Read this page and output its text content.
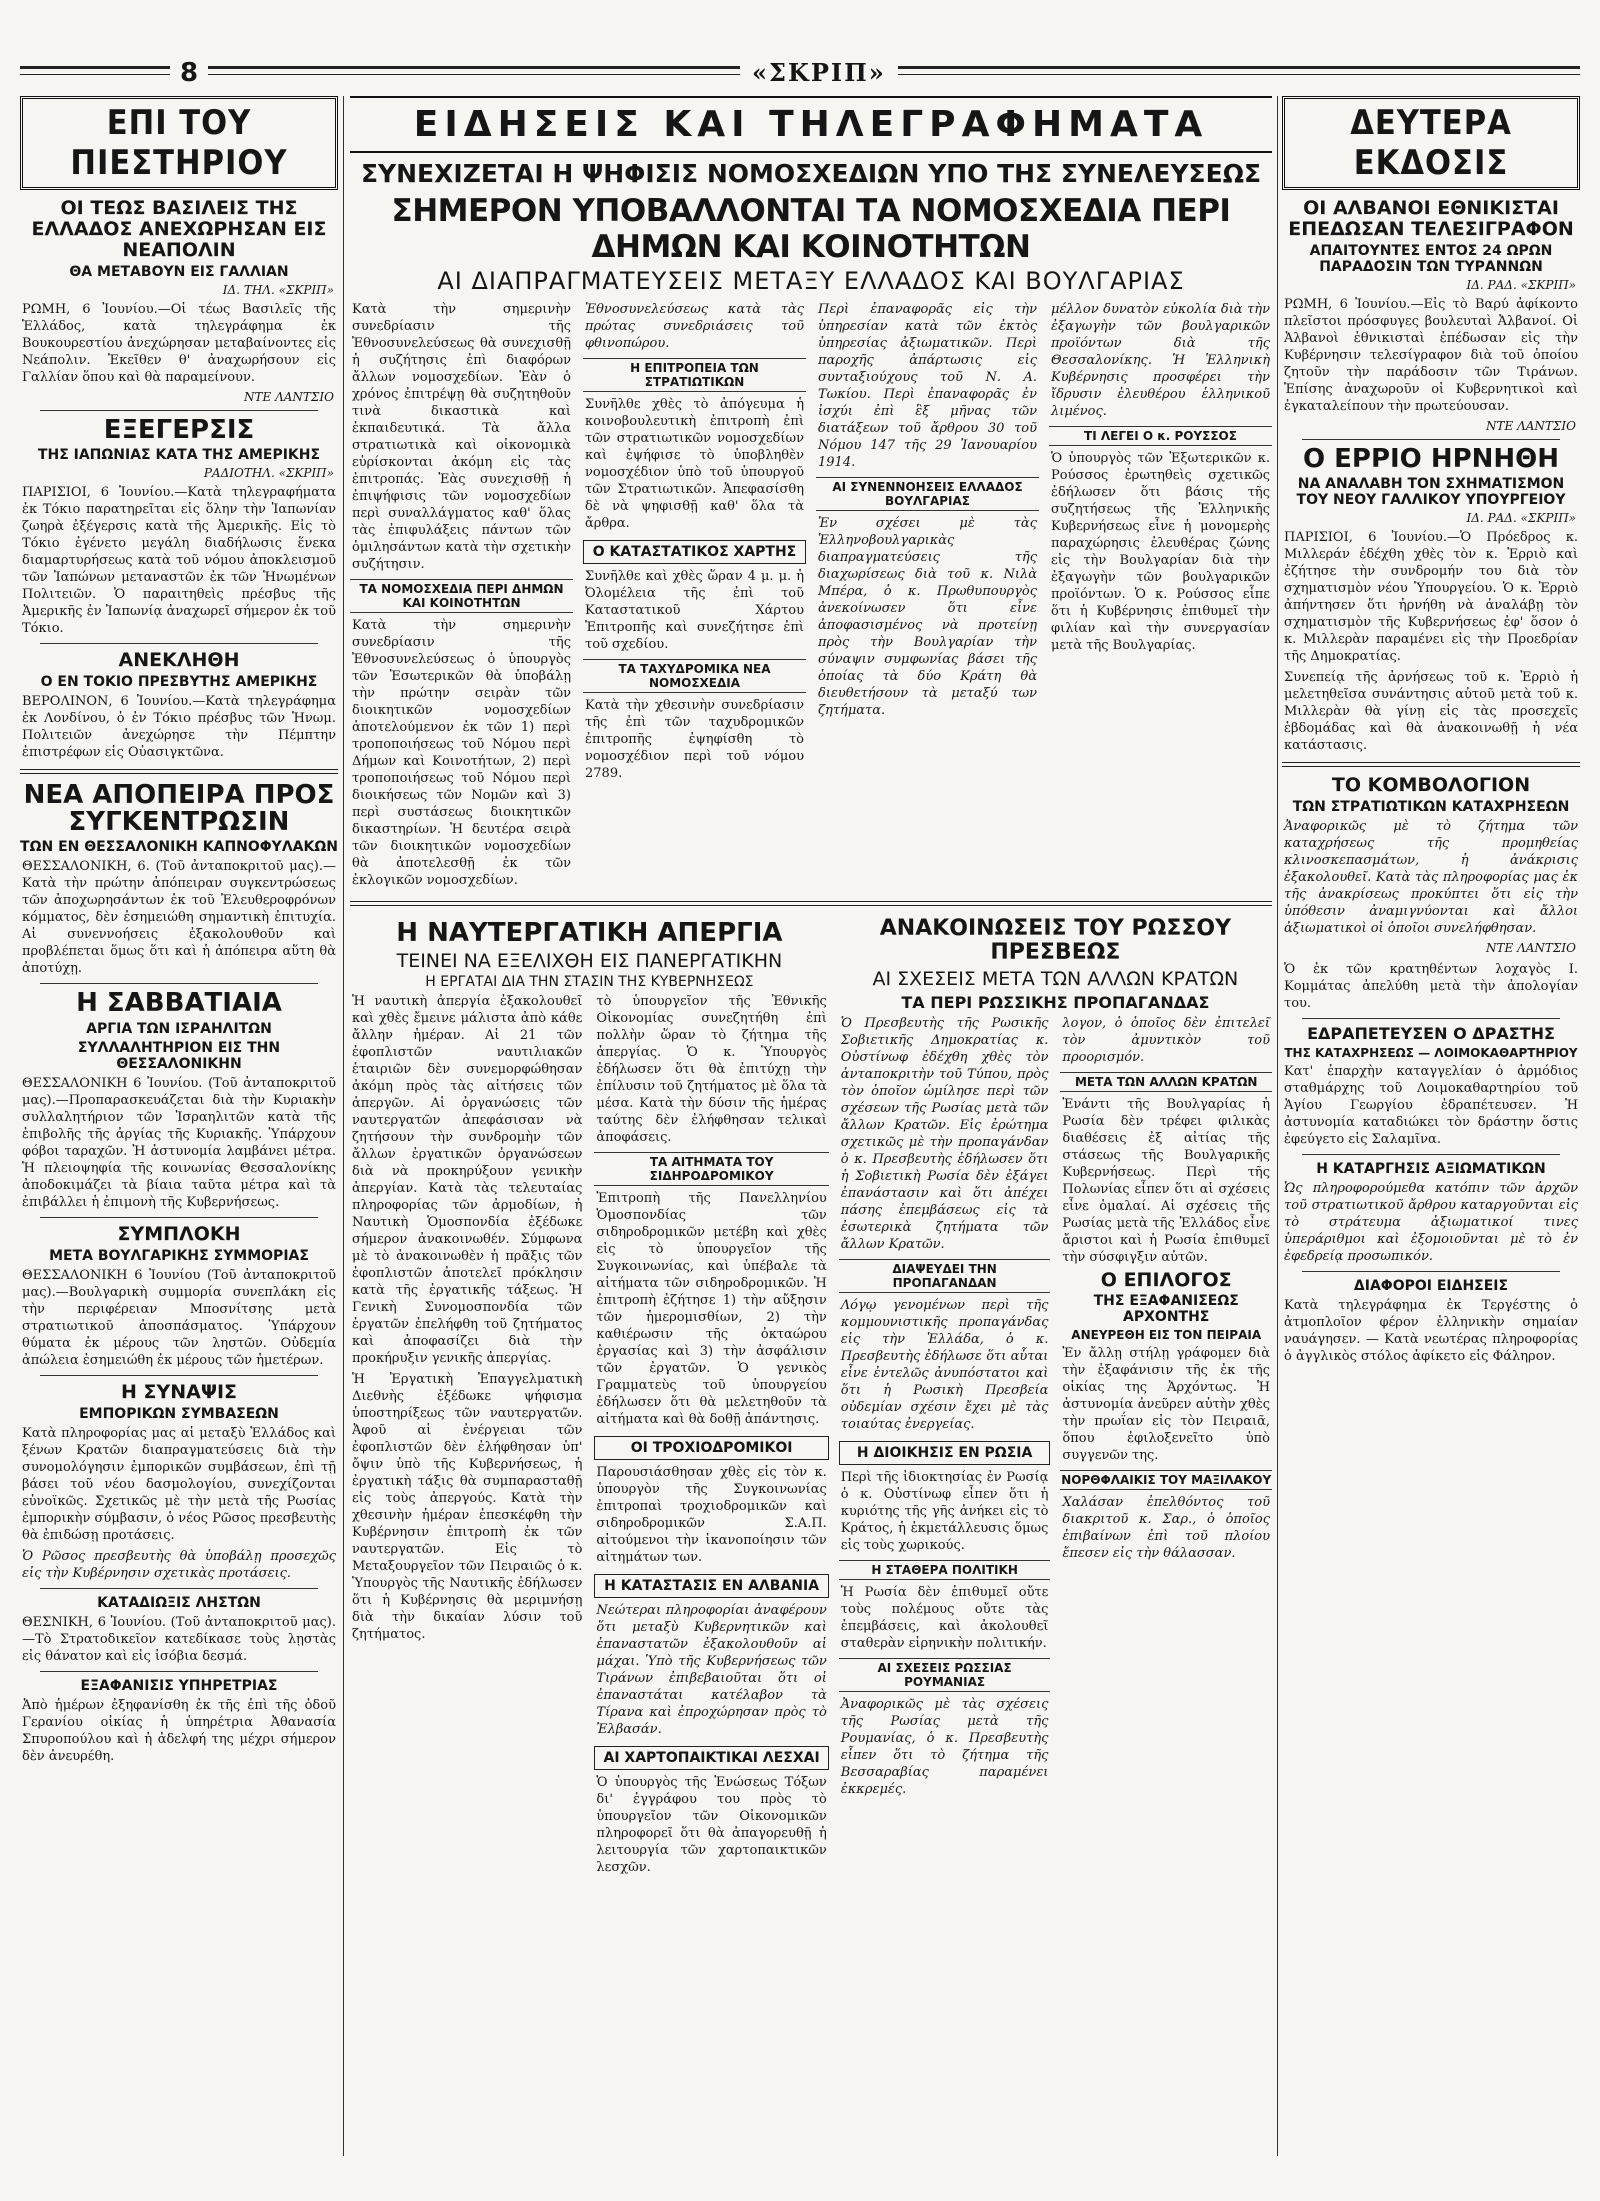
8	«ΣΚΡΙΠ»
ΕΠΙ ΤΟΥ ΠΙΕΣΤΗΡΙΟΥ
ΟΙ ΤΕΩΣ ΒΑΣΙΛΕΙΣ ΤΗΣ ΕΛΛΑΔΟΣ ΑΝΕΧΩΡΗΣΑΝ ΕΙΣ ΝΕΑΠΟΛΙΝ
ΘΑ ΜΕΤΑΒΟΥΝ ΕΙΣ ΓΑΛΛΙΑΝ
ΙΔ. ΤΗΛ. «ΣΚΡΙΠ»
ΡΩΜΗ, 6 Ἰουνίου.—Οἱ τέως Βασιλεῖς τῆς Ἑλλάδος, κατὰ τηλεγράφημα ἐκ Βουκουρεστίου ἀνεχώρησαν μεταβαίνοντες εἰς Νεάπολιν. Ἐκεῖθεν θ' ἀναχωρήσουν εἰς Γαλλίαν ὅπου καὶ θὰ παραμείνουν.
ΝΤΕ ΛΑΝΤΣΙΟ
ΕΞΕΓΕΡΣΙΣ
ΤΗΣ ΙΑΠΩΝΙΑΣ ΚΑΤΑ ΤΗΣ ΑΜΕΡΙΚΗΣ
ΡΑΔΙΟΤΗΛ. «ΣΚΡΙΠ»
ΠΑΡΙΣΙΟΙ, 6 Ἰουνίου.—Κατὰ τηλεγραφήματα ἐκ Τόκιο παρατηρεῖται εἰς ὅλην τὴν Ἰαπωνίαν ζωηρὰ ἐξέγερσις κατὰ τῆς Ἀμερικῆς. Εἰς τὸ Τόκιο ἐγένετο μεγάλη διαδήλωσις ἕνεκα διαμαρτυρήσεως κατὰ τοῦ νόμου ἀποκλεισμοῦ τῶν Ἰαπώνων μεταναστῶν ἐκ τῶν Ἡνωμένων Πολιτειῶν. Ὁ παραιτηθεὶς πρέσβυς τῆς Ἀμερικῆς ἐν Ἰαπωνίᾳ ἀναχωρεῖ σήμερον ἐκ τοῦ Τόκιο.
ΑΝΕΚΛΗΘΗ
Ο ΕΝ ΤΟΚΙΟ ΠΡΕΣΒΥΤΗΣ ΑΜΕΡΙΚΗΣ
ΒΕΡΟΛΙΝΟΝ, 6 Ἰουνίου.—Κατὰ τηλεγράφημα ἐκ Λονδίνου, ὁ ἐν Τόκιο πρέσβυς τῶν Ἡνωμ. Πολιτειῶν ἀνεχώρησε τὴν Πέμπτην ἐπιστρέφων εἰς Οὐασιγκτῶνα.
ΝΕΑ ΑΠΟΠΕΙΡΑ ΠΡΟΣ ΣΥΓΚΕΝΤΡΩΣΙΝ
ΤΩΝ ΕΝ ΘΕΣΣΑΛΟΝΙΚΗ ΚΑΠΝΟΦΥΛΑΚΩΝ
ΘΕΣΣΑΛΟΝΙΚΗ, 6. (Τοῦ ἀνταποκριτοῦ μας).—Κατὰ τὴν πρώτην ἀπόπειραν συγκεντρώσεως τῶν ἀποχωρησάντων ἐκ τοῦ Ἐλευθεροφρόνων κόμματος, δὲν ἐσημειώθη σημαντικὴ ἐπιτυχία. Αἱ συνεννοήσεις ἐξακολουθοῦν καὶ προβλέπεται ὅμως ὅτι καὶ ἡ ἀπόπειρα αὕτη θὰ ἀποτύχῃ.
Η ΣΑΒΒΑΤΙΑΙΑ
ΑΡΓΙΑ ΤΩΝ ΙΣΡΑΗΛΙΤΩΝ
ΣΥΛΛΑΛΗΤΗΡΙΟΝ ΕΙΣ ΤΗΝ ΘΕΣΣΑΛΟΝΙΚΗΝ
ΘΕΣΣΑΛΟΝΙΚΗ 6 Ἰουνίου. (Τοῦ ἀνταποκριτοῦ μας).—Προπαρασκευάζεται διὰ τὴν Κυριακὴν συλλαλητήριον τῶν Ἰσραηλιτῶν κατὰ τῆς ἐπιβολῆς τῆς ἀργίας τῆς Κυριακῆς. Ὑπάρχουν φόβοι ταραχῶν. Ἡ ἀστυνομία λαμβάνει μέτρα. Ἡ πλειοψηφία τῆς κοινωνίας Θεσσαλονίκης ἀποδοκιμάζει τὰ βίαια ταῦτα μέτρα καὶ τὰ ἐπιβάλλει ἡ ἐπιμονὴ τῆς Κυβερνήσεως.
ΣΥΜΠΛΟΚΗ
ΜΕΤΑ ΒΟΥΛΓΑΡΙΚΗΣ ΣΥΜΜΟΡΙΑΣ
ΘΕΣΣΑΛΟΝΙΚΗ 6 Ἰουνίου (Τοῦ ἀνταποκριτοῦ μας).—Βουλγαρικὴ συμμορία συνεπλάκη εἰς τὴν περιφέρειαν Μποσνίτσης μετὰ στρατιωτικοῦ ἀποσπάσματος. Ὑπάρχουν θύματα ἐκ μέρους τῶν ληστῶν. Οὐδεμία ἀπώλεια ἐσημειώθη ἐκ μέρους τῶν ἡμετέρων.
Η ΣΥΝΑΨΙΣ
ΕΜΠΟΡΙΚΩΝ ΣΥΜΒΑΣΕΩΝ
Κατὰ πληροφορίας μας αἱ μεταξὺ Ἑλλάδος καὶ ξένων Κρατῶν διαπραγματεύσεις διὰ τὴν συνομολόγησιν ἐμπορικῶν συμβάσεων, ἐπὶ τῇ βάσει τοῦ νέου δασμολογίου, συνεχίζονται εὐνοϊκῶς. Σχετικῶς μὲ τὴν μετὰ τῆς Ρωσίας ἐμπορικὴν σύμβασιν, ὁ νέος Ρῶσος πρεσβευτὴς θὰ ἐπιδώσῃ προτάσεις.
Ὁ Ρῶσος πρεσβευτὴς θὰ ὑποβάλῃ προσεχῶς εἰς τὴν Κυβέρνησιν σχετικὰς προτάσεις.
ΚΑΤΑΔΙΩΞΙΣ ΛΗΣΤΩΝ
ΘΕΣΝΙΚΗ, 6 Ἰουνίου. (Τοῦ ἀνταποκριτοῦ μας).—Τὸ Στρατοδικεῖον κατεδίκασε τοὺς λῃστὰς εἰς θάνατον καὶ εἰς ἰσόβια δεσμά.
ΕΞΑΦΑΝΙΣΙΣ ΥΠΗΡΕΤΡΙΑΣ
Ἀπὸ ἡμέρων ἐξηφανίσθη ἐκ τῆς ἐπὶ τῆς ὁδοῦ Γερανίου οἰκίας ἡ ὑπηρέτρια Ἀθανασία Σπυροπούλου καὶ ἡ ἀδελφή της μέχρι σήμερον δὲν ἀνευρέθη.
ΕΙΔΗΣΕΙΣ ΚΑΙ ΤΗΛΕΓΡΑΦΗΜΑΤΑ
ΣΥΝΕΧΙΖΕΤΑΙ Η ΨΗΦΙΣΙΣ ΝΟΜΟΣΧΕΔΙΩΝ ΥΠΟ ΤΗΣ ΣΥΝΕΛΕΥΣΕΩΣ
ΣΗΜΕΡΟΝ ΥΠΟΒΑΛΛΟΝΤΑΙ ΤΑ ΝΟΜΟΣΧΕΔΙΑ ΠΕΡΙ ΔΗΜΩΝ ΚΑΙ ΚΟΙΝΟΤΗΤΩΝ
ΑΙ ΔΙΑΠΡΑΓΜΑΤΕΥΣΕΙΣ ΜΕΤΑΞΥ ΕΛΛΑΔΟΣ ΚΑΙ ΒΟΥΛΓΑΡΙΑΣ
Κατὰ τὴν σημερινὴν συνεδρίασιν τῆς Ἐθνοσυνελεύσεως θὰ συνεχισθῇ ἡ συζήτησις ἐπὶ διαφόρων ἄλλων νομοσχεδίων. Ἐὰν ὁ χρόνος ἐπιτρέψῃ θὰ συζητηθοῦν τινὰ δικαστικὰ καὶ ἐκπαιδευτικά. Τὰ ἄλλα στρατιωτικὰ καὶ οἰκονομικὰ εὑρίσκονται ἀκόμη εἰς τὰς ἐπιτροπάς. Ἐὰς συνεχισθῇ ἡ ἐπιψήφισις τῶν νομοσχεδίων περὶ συναλλάγματος καθ' ὅλας τὰς ἐπιφυλάξεις πάντων τῶν ὁμιλησάντων κατὰ τὴν σχετικὴν συζήτησιν.
ΤΑ ΝΟΜΟΣΧΕΔΙΑ ΠΕΡΙ ΔΗΜΩΝ ΚΑΙ ΚΟΙΝΟΤΗΤΩΝ
Κατὰ τὴν σημερινὴν συνεδρίασιν τῆς Ἐθνοσυνελεύσεως ὁ ὑπουργὸς τῶν Ἐσωτερικῶν θὰ ὑποβάλῃ τὴν πρώτην σειρὰν τῶν διοικητικῶν νομοσχεδίων ἀποτελούμενον ἐκ τῶν 1) περὶ τροποποιήσεως τοῦ Νόμου περὶ Δήμων καὶ Κοινοτήτων, 2) περὶ τροποποιήσεως τοῦ Νόμου περὶ διοικήσεως τῶν Νομῶν καὶ 3) περὶ συστάσεως διοικητικῶν δικαστηρίων. Ἡ δευτέρα σειρὰ τῶν διοικητικῶν νομοσχεδίων θὰ ἀποτελεσθῇ ἐκ τῶν ἐκλογικῶν νομοσχεδίων.
Ἐθνοσυνελεύσεως κατὰ τὰς πρώτας συνεδριάσεις τοῦ φθινοπώρου.
Η ΕΠΙΤΡΟΠΕΙΑ ΤΩΝ ΣΤΡΑΤΙΩΤΙΚΩΝ
Συνῆλθε χθὲς τὸ ἀπόγευμα ἡ κοινοβουλευτικὴ ἐπιτροπὴ ἐπὶ τῶν στρατιωτικῶν νομοσχεδίων καὶ ἐψήφισε τὸ ὑποβληθὲν νομοσχέδιον ὑπὸ τοῦ ὑπουργοῦ τῶν Στρατιωτικῶν. Ἀπεφασίσθη δὲ νὰ ψηφισθῇ καθ' ὅλα τὰ ἄρθρα.
Ο ΚΑΤΑΣΤΑΤΙΚΟΣ ΧΑΡΤΗΣ
Συνῆλθε καὶ χθὲς ὥραν 4 μ. μ. ἡ Ὀλομέλεια τῆς ἐπὶ τοῦ Καταστατικοῦ Χάρτου Ἐπιτροπῆς καὶ συνεζήτησε ἐπὶ τοῦ σχεδίου.
ΤΑ ΤΑΧΥΔΡΟΜΙΚΑ ΝΕΑ ΝΟΜΟΣΧΕΔΙΑ
Κατὰ τὴν χθεσινὴν συνεδρίασιν τῆς ἐπὶ τῶν ταχυδρομικῶν ἐπιτροπῆς ἐψηφίσθη τὸ νομοσχέδιον περὶ τοῦ νόμου 2789.
Περὶ ἐπαναφορᾶς εἰς τὴν ὑπηρεσίαν κατὰ τῶν ἐκτὸς ὑπηρεσίας ἀξιωματικῶν. Περὶ παροχῆς ἀπάρτωσις εἰς συνταξιούχους τοῦ Ν. Α. Τωκίου. Περὶ ἐπαναφορᾶς ἐν ἰσχύι ἐπὶ ἓξ μῆνας τῶν διατάξεων τοῦ ἄρθρου 30 τοῦ Νόμου 147 τῆς 29 Ἰανουαρίου 1914.
ΑΙ ΣΥΝΕΝΝΟΗΣΕΙΣ ΕΛΛΑΔΟΣ ΒΟΥΛΓΑΡΙΑΣ
Ἐν σχέσει μὲ τὰς Ἑλληνοβουλγαρικὰς διαπραγματεύσεις τῆς διαχωρίσεως διὰ τοῦ κ. Νιλὰ Μπέρα, ὁ κ. Πρωθυπουργὸς ἀνεκοίνωσεν ὅτι εἶνε ἀποφασισμένος νὰ προτείνῃ πρὸς τὴν Βουλγαρίαν τὴν σύναψιν συμφωνίας βάσει τῆς ὁποίας τὰ δύο Κράτη θὰ διευθετήσουν τὰ μεταξύ των ζητήματα.
μέλλον δυνατὸν εὐκολία διὰ τὴν ἐξαγωγὴν τῶν βουλγαρικῶν προϊόντων διὰ τῆς Θεσσαλονίκης. Ἡ Ἑλληνικὴ Κυβέρνησις προσφέρει τὴν ἴδρυσιν ἐλευθέρου ἑλληνικοῦ λιμένος.
ΤΙ ΛΕΓΕΙ Ο κ. ΡΟΥΣΣΟΣ
Ὁ ὑπουργὸς τῶν Ἐξωτερικῶν κ. Ρούσσος ἐρωτηθεὶς σχετικῶς ἐδήλωσεν ὅτι βάσις τῆς συζητήσεως τῆς Ἑλληνικῆς Κυβερνήσεως εἶνε ἡ μονομερὴς παραχώρησις ἐλευθέρας ζώνης εἰς τὴν Βουλγαρίαν διὰ τὴν ἐξαγωγὴν τῶν βουλγαρικῶν προϊόντων. Ὁ κ. Ρούσσος εἶπε ὅτι ἡ Κυβέρνησις ἐπιθυμεῖ τὴν φιλίαν καὶ τὴν συνεργασίαν μετὰ τῆς Βουλγαρίας.
Η ΝΑΥΤΕΡΓΑΤΙΚΗ ΑΠΕΡΓΙΑ
ΤΕΙΝΕΙ ΝΑ ΕΞΕΛΙΧΘΗ ΕΙΣ ΠΑΝΕΡΓΑΤΙΚΗΝ
Η ΕΡΓΑΤΑΙ ΔΙΑ ΤΗΝ ΣΤΑΣΙΝ ΤΗΣ ΚΥΒΕΡΝΗΣΕΩΣ
Ἡ ναυτικὴ ἀπεργία ἐξακολουθεῖ καὶ χθὲς ἔμεινε μάλιστα ἀπὸ κάθε ἄλλην ἡμέραν. Αἱ 21 τῶν ἐφοπλιστῶν ναυτιλιακῶν ἑταιριῶν δὲν συνεμορφώθησαν ἀκόμη πρὸς τὰς αἰτήσεις τῶν ἀπεργῶν. Αἱ ὀργανώσεις τῶν ναυτεργατῶν ἀπεφάσισαν νὰ ζητήσουν τὴν συνδρομὴν τῶν ἄλλων ἐργατικῶν ὀργανώσεων διὰ νὰ προκηρύξουν γενικὴν ἀπεργίαν. Κατὰ τὰς τελευταίας πληροφορίας τῶν ἀρμοδίων, ἡ Ναυτικὴ Ὁμοσπονδία ἐξέδωκε σήμερον ἀνακοινωθέν. Σύμφωνα μὲ τὸ ἀνακοινωθὲν ἡ πρᾶξις τῶν ἐφοπλιστῶν ἀποτελεῖ πρόκλησιν κατὰ τῆς ἐργατικῆς τάξεως. Ἡ Γενικὴ Συνομοσπονδία τῶν ἐργατῶν ἐπελήφθη τοῦ ζητήματος καὶ ἀποφασίζει διὰ τὴν προκήρυξιν γενικῆς ἀπεργίας.
Ἡ Ἐργατικὴ Ἐπαγγελματικὴ Διεθνὴς ἐξέδωκε ψήφισμα ὑποστηρίξεως τῶν ναυτεργατῶν. Ἀφοῦ αἱ ἐνέργειαι τῶν ἐφοπλιστῶν δὲν ἐλήφθησαν ὑπ' ὄψιν ὑπὸ τῆς Κυβερνήσεως, ἡ ἐργατικὴ τάξις θὰ συμπαρασταθῇ εἰς τοὺς ἀπεργούς. Κατὰ τὴν χθεσινὴν ἡμέραν ἐπεσκέφθη τὴν Κυβέρνησιν ἐπιτροπὴ ἐκ τῶν ναυτεργατῶν. Εἰς τὸ Μεταξουργεῖον τῶν Πειραιῶς ὁ κ. Ὑπουργὸς τῆς Ναυτικῆς ἐδήλωσεν ὅτι ἡ Κυβέρνησις θὰ μεριμνήσῃ διὰ τὴν δικαίαν λύσιν τοῦ ζητήματος.
τὸ ὑπουργεῖον τῆς Ἐθνικῆς Οἰκονομίας συνεζητήθη ἐπὶ πολλὴν ὥραν τὸ ζήτημα τῆς ἀπεργίας. Ὁ κ. Ὑπουργὸς ἐδήλωσεν ὅτι θὰ ἐπιτύχῃ τὴν ἐπίλυσιν τοῦ ζητήματος μὲ ὅλα τὰ μέσα. Κατὰ τὴν δύσιν τῆς ἡμέρας ταύτης δὲν ἐλήφθησαν τελικαὶ ἀποφάσεις.
ΤΑ ΑΙΤΗΜΑΤΑ ΤΟΥ ΣΙΔΗΡΟΔΡΟΜΙΚΟΥ
Ἐπιτροπὴ τῆς Πανελληνίου Ὁμοσπονδίας τῶν σιδηροδρομικῶν μετέβη καὶ χθὲς εἰς τὸ ὑπουργεῖον τῆς Συγκοινωνίας, καὶ ὑπέβαλε τὰ αἰτήματα τῶν σιδηροδρομικῶν. Ἡ ἐπιτροπὴ ἐζήτησε 1) τὴν αὔξησιν τῶν ἡμερομισθίων, 2) τὴν καθιέρωσιν τῆς ὀκταώρου ἐργασίας καὶ 3) τὴν ἀσφάλισιν τῶν ἐργατῶν. Ὁ γενικὸς Γραμματεὺς τοῦ ὑπουργείου ἐδήλωσεν ὅτι θὰ μελετηθοῦν τὰ αἰτήματα καὶ θὰ δοθῇ ἀπάντησις.
ΟΙ ΤΡΟΧΙΟΔΡΟΜΙΚΟΙ
Παρουσιάσθησαν χθὲς εἰς τὸν κ. ὑπουργὸν τῆς Συγκοινωνίας ἐπιτροπαὶ τροχιοδρομικῶν καὶ σιδηροδρομικῶν Σ.Α.Π. αἰτούμενοι τὴν ἱκανοποίησιν τῶν αἰτημάτων των.
Η ΚΑΤΑΣΤΑΣΙΣ ΕΝ ΑΛΒΑΝΙΑ
Νεώτεραι πληροφορίαι ἀναφέρουν ὅτι μεταξὺ Κυβερνητικῶν καὶ ἐπαναστατῶν ἐξακολουθοῦν αἱ μάχαι. Ὑπὸ τῆς Κυβερνήσεως τῶν Τιράνων ἐπιβεβαιοῦται ὅτι οἱ ἐπαναστάται κατέλαβον τὰ Τίρανα καὶ ἐπροχώρησαν πρὸς τὸ Ἐλβασάν.
ΑΙ ΧΑΡΤΟΠΑΙΚΤΙΚΑΙ ΛΕΣΧΑΙ
Ὁ ὑπουργὸς τῆς Ἐνώσεως Τόξων δι' ἐγγράφου του πρὸς τὸ ὑπουργεῖον τῶν Οἰκονομικῶν πληροφορεῖ ὅτι θὰ ἀπαγορευθῇ ἡ λειτουργία τῶν χαρτοπαικτικῶν λεσχῶν.
ΑΝΑΚΟΙΝΩΣΕΙΣ ΤΟΥ ΡΩΣΣΟΥ ΠΡΕΣΒΕΩΣ
ΑΙ ΣΧΕΣΕΙΣ ΜΕΤΑ ΤΩΝ ΑΛΛΩΝ ΚΡΑΤΩΝ
ΤΑ ΠΕΡΙ ΡΩΣΣΙΚΗΣ ΠΡΟΠΑΓΑΝΔΑΣ
Ὁ Πρεσβευτὴς τῆς Ρωσικῆς Σοβιετικῆς Δημοκρατίας κ. Οὐστίνωφ ἐδέχθη χθὲς τὸν ἀνταποκριτὴν τοῦ Τύπου, πρὸς τὸν ὁποῖον ὡμίλησε περὶ τῶν σχέσεων τῆς Ρωσίας μετὰ τῶν ἄλλων Κρατῶν. Εἰς ἐρώτημα σχετικῶς μὲ τὴν προπαγάνδαν ὁ κ. Πρεσβευτὴς ἐδήλωσεν ὅτι ἡ Σοβιετικὴ Ρωσία δὲν ἐξάγει ἐπανάστασιν καὶ ὅτι ἀπέχει πάσης ἐπεμβάσεως εἰς τὰ ἐσωτερικὰ ζητήματα τῶν ἄλλων Κρατῶν.
ΔΙΑΨΕΥΔΕΙ ΤΗΝ ΠΡΟΠΑΓΑΝΔΑΝ
Λόγῳ γενομένων περὶ τῆς κομμουνιστικῆς προπαγάνδας εἰς τὴν Ἑλλάδα, ὁ κ. Πρεσβευτὴς ἐδήλωσε ὅτι αὗται εἶνε ἐντελῶς ἀνυπόστατοι καὶ ὅτι ἡ Ρωσικὴ Πρεσβεία οὐδεμίαν σχέσιν ἔχει μὲ τὰς τοιαύτας ἐνεργείας.
Η ΔΙΟΙΚΗΣΙΣ ΕΝ ΡΩΣΙΑ
Περὶ τῆς ἰδιοκτησίας ἐν Ρωσίᾳ ὁ κ. Οὐστίνωφ εἶπεν ὅτι ἡ κυριότης τῆς γῆς ἀνήκει εἰς τὸ Κράτος, ἡ ἐκμετάλλευσις ὅμως εἰς τοὺς χωρικούς.
Η ΣΤΑΘΕΡΑ ΠΟΛΙΤΙΚΗ
Ἡ Ρωσία δὲν ἐπιθυμεῖ οὔτε τοὺς πολέμους οὔτε τὰς ἐπεμβάσεις, καὶ ἀκολουθεῖ σταθερὰν εἰρηνικὴν πολιτικήν.
ΑΙ ΣΧΕΣΕΙΣ ΡΩΣΣΙΑΣ ΡΟΥΜΑΝΙΑΣ
Ἀναφορικῶς μὲ τὰς σχέσεις τῆς Ρωσίας μετὰ τῆς Ρουμανίας, ὁ κ. Πρεσβευτὴς εἶπεν ὅτι τὸ ζήτημα τῆς Βεσσαραβίας παραμένει ἐκκρεμές.
λογον, ὁ ὁποῖος δὲν ἐπιτελεῖ τὸν ἀμυντικὸν τοῦ προορισμόν.
ΜΕΤΑ ΤΩΝ ΑΛΛΩΝ ΚΡΑΤΩΝ
Ἐνάντι τῆς Βουλγαρίας ἡ Ρωσία δὲν τρέφει φιλικὰς διαθέσεις ἐξ αἰτίας τῆς στάσεως τῆς Βουλγαρικῆς Κυβερνήσεως. Περὶ τῆς Πολωνίας εἶπεν ὅτι αἱ σχέσεις εἶνε ὁμαλαί. Αἱ σχέσεις τῆς Ρωσίας μετὰ τῆς Ἑλλάδος εἶνε ἄριστοι καὶ ἡ Ρωσία ἐπιθυμεῖ τὴν σύσφιγξιν αὐτῶν.
Ο ΕΠΙΛΟΓΟΣ
ΤΗΣ ΕΞΑΦΑΝΙΣΕΩΣ ΑΡΧΟΝΤΗΣ
ΑΝΕΥΡΕΘΗ ΕΙΣ ΤΟΝ ΠΕΙΡΑΙΑ
Ἐν ἄλλῃ στήλῃ γράφομεν διὰ τὴν ἐξαφάνισιν τῆς ἐκ τῆς οἰκίας της Ἀρχόντως. Ἡ ἀστυνομία ἀνεῦρεν αὐτὴν χθὲς τὴν πρωΐαν εἰς τὸν Πειραιᾶ, ὅπου ἐφιλοξενεῖτο ὑπὸ συγγενῶν της.
ΝΟΡΘΦΛΑΙΚΙΣ ΤΟΥ ΜΑΞΙΛΑΚΟΥ
Χαλάσαν ἐπελθόντος τοῦ διακριτοῦ κ. Σαρ., ὁ ὁποῖος ἐπιβαίνων ἐπὶ τοῦ πλοίου ἔπεσεν εἰς τὴν θάλασσαν.
ΔΕΥΤΕΡΑ ΕΚΔΟΣΙΣ
ΟΙ ΑΛΒΑΝΟΙ ΕΘΝΙΚΙΣΤΑΙ ΕΠΕΔΩΣΑΝ ΤΕΛΕΣΙΓΡΑΦΟΝ
ΑΠΑΙΤΟΥΝΤΕΣ ΕΝΤΟΣ 24 ΩΡΩΝ ΠΑΡΑΔΟΣΙΝ ΤΩΝ ΤΥΡΑΝΝΩΝ
ΙΔ. ΡΑΔ. «ΣΚΡΙΠ»
ΡΩΜΗ, 6 Ἰουνίου.—Εἰς τὸ Βαρύ ἀφίκοντο πλεῖστοι πρόσφυγες βουλευταὶ Ἀλβανοί. Οἱ Ἀλβανοὶ ἐθνικισταὶ ἐπέδωσαν εἰς τὴν Κυβέρνησιν τελεσίγραφον διὰ τοῦ ὁποίου ζητοῦν τὴν παράδοσιν τῶν Τιράνων. Ἐπίσης ἀναχωροῦν οἱ Κυβερνητικοὶ καὶ ἐγκαταλείπουν τὴν πρωτεύουσαν.
ΝΤΕ ΛΑΝΤΣΙΟ
Ο ΕΡΡΙΟ ΗΡΝΗΘΗ
ΝΑ ΑΝΑΛΑΒΗ ΤΟΝ ΣΧΗΜΑΤΙΣΜΟΝ ΤΟΥ ΝΕΟΥ ΓΑΛΛΙΚΟΥ ΥΠΟΥΡΓΕΙΟΥ
ΙΔ. ΡΑΔ. «ΣΚΡΙΠ»
ΠΑΡΙΣΙΟΙ, 6 Ἰουνίου.—Ὁ Πρόεδρος κ. Μιλλεράν ἐδέχθη χθὲς τὸν κ. Ἐρριὸ καὶ ἐζήτησε τὴν συνδρομήν του διὰ τὸν σχηματισμὸν νέου Ὑπουργείου. Ὁ κ. Ἐρριὸ ἀπήντησεν ὅτι ἠρνήθη νὰ ἀναλάβῃ τὸν σχηματισμὸν τῆς Κυβερνήσεως ἐφ' ὅσον ὁ κ. Μιλλερὰν παραμένει εἰς τὴν Προεδρίαν τῆς Δημοκρατίας.
Συνεπείᾳ τῆς ἀρνήσεως τοῦ κ. Ἐρριὸ ἡ μελετηθεῖσα συνάντησις αὐτοῦ μετὰ τοῦ κ. Μιλλερὰν θὰ γίνῃ εἰς τὰς προσεχεῖς ἑβδομάδας καὶ θὰ ἀνακοινωθῇ ἡ νέα κατάστασις.
ΤΟ ΚΟΜΒΟΛΟΓΙΟΝ
ΤΩΝ ΣΤΡΑΤΙΩΤΙΚΩΝ ΚΑΤΑΧΡΗΣΕΩΝ
Ἀναφορικῶς μὲ τὸ ζήτημα τῶν καταχρήσεως τῆς προμηθείας κλινοσκεπασμάτων, ἡ ἀνάκρισις ἐξακολουθεῖ. Κατὰ τὰς πληροφορίας μας ἐκ τῆς ἀνακρίσεως προκύπτει ὅτι εἰς τὴν ὑπόθεσιν ἀναμιγνύονται καὶ ἄλλοι ἀξιωματικοὶ οἱ ὁποῖοι συνελήφθησαν.
ΝΤΕ ΛΑΝΤΣΙΟ
Ὁ ἐκ τῶν κρατηθέντων λοχαγὸς Ι. Κομμάτας ἀπελύθη μετὰ τὴν ἀπολογίαν του.
ΕΔΡΑΠΕΤΕΥΣΕΝ Ο ΔΡΑΣΤΗΣ
ΤΗΣ ΚΑΤΑΧΡΗΣΕΩΣ — ΛΟΙΜΟΚΑΘΑΡΤΗΡΙΟΥ
Κατ' ἐπαρχὴν καταγγελίαν ὁ ἁρμόδιος σταθμάρχης τοῦ Λοιμοκαθαρτηρίου τοῦ Ἁγίου Γεωργίου ἐδραπέτευσεν. Ἡ ἀστυνομία καταδιώκει τὸν δράστην ὅστις ἐφεύγετο εἰς Σαλαμῖνα.
Η ΚΑΤΑΡΓΗΣΙΣ ΑΞΙΩΜΑΤΙΚΩΝ
Ὡς πληροφορούμεθα κατόπιν τῶν ἀρχῶν τοῦ στρατιωτικοῦ ἄρθρου καταργοῦνται εἰς τὸ στράτευμα ἀξιωματικοί τινες ὑπεράριθμοι καὶ ἐξομοιοῦνται μὲ τὸ ἐν ἐφεδρείᾳ προσωπικόν.
ΔΙΑΦΟΡΟΙ ΕΙΔΗΣΕΙΣ
Κατὰ τηλεγράφημα ἐκ Τεργέστης ὁ ἀτμοπλοῖον φέρον ἑλληνικὴν σημαίαν ναυάγησεν. — Κατὰ νεωτέρας πληροφορίας ὁ ἀγγλικὸς στόλος ἀφίκετο εἰς Φάληρον.
